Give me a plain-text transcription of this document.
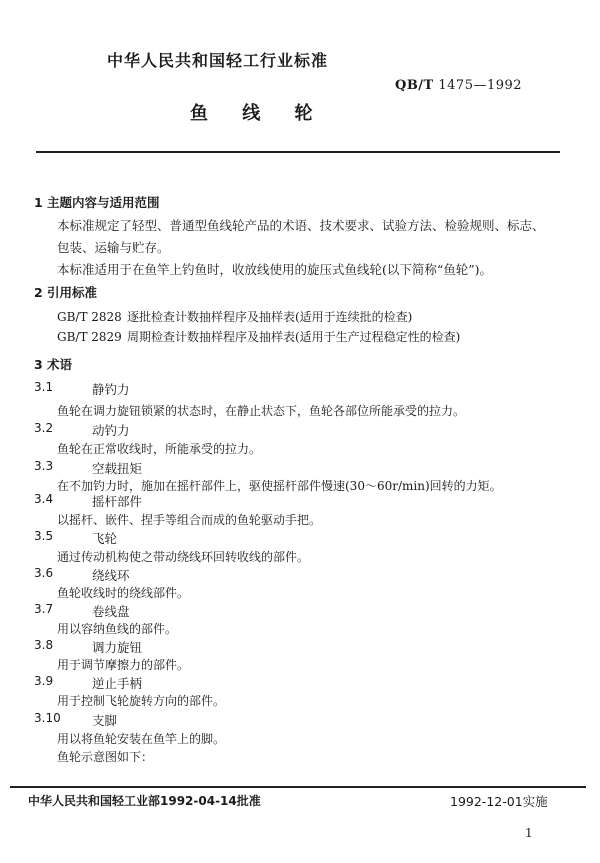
中华人民共和国轻工行业标准
QB/T 1475—1992
鱼 线 轮
1 主题内容与适用范围
本标准规定了轻型、普通型鱼线轮产品的术语、技术要求、试验方法、检验规则、标志、包装、运输与贮存。
本标准适用于在鱼竿上钓鱼时，收放线使用的旋压式鱼线轮(以下简称“鱼轮”)。
2 引用标准
GB/T 2828 逐批检查计数抽样程序及抽样表(适用于连续批的检查)
GB/T 2829 周期检查计数抽样程序及抽样表(适用于生产过程稳定性的检查)
3 术语
3.1	静钓力
鱼轮在调力旋钮锁紧的状态时，在静止状态下，鱼轮各部位所能承受的拉力。
3.2	动钓力
鱼轮在正常收线时，所能承受的拉力。
3.3	空载扭矩
在不加钓力时，施加在摇杆部件上，驱使摇杆部件慢速(30～60r/min)回转的力矩。
3.4	摇杆部件
以摇杆、嵌件、捏手等组合而成的鱼轮驱动手把。
3.5	飞轮
通过传动机构使之带动绕线环回转收线的部件。
3.6	绕线环
鱼轮收线时的绕线部件。
3.7	卷线盘
用以容纳鱼线的部件。
3.8	调力旋钮
用于调节摩擦力的部件。
3.9	逆止手柄
用于控制飞轮旋转方向的部件。
3.10	支脚
用以将鱼轮安装在鱼竿上的脚。
鱼轮示意图如下：
中华人民共和国轻工业部1992-04-14批准	1992-12-01实施
1
